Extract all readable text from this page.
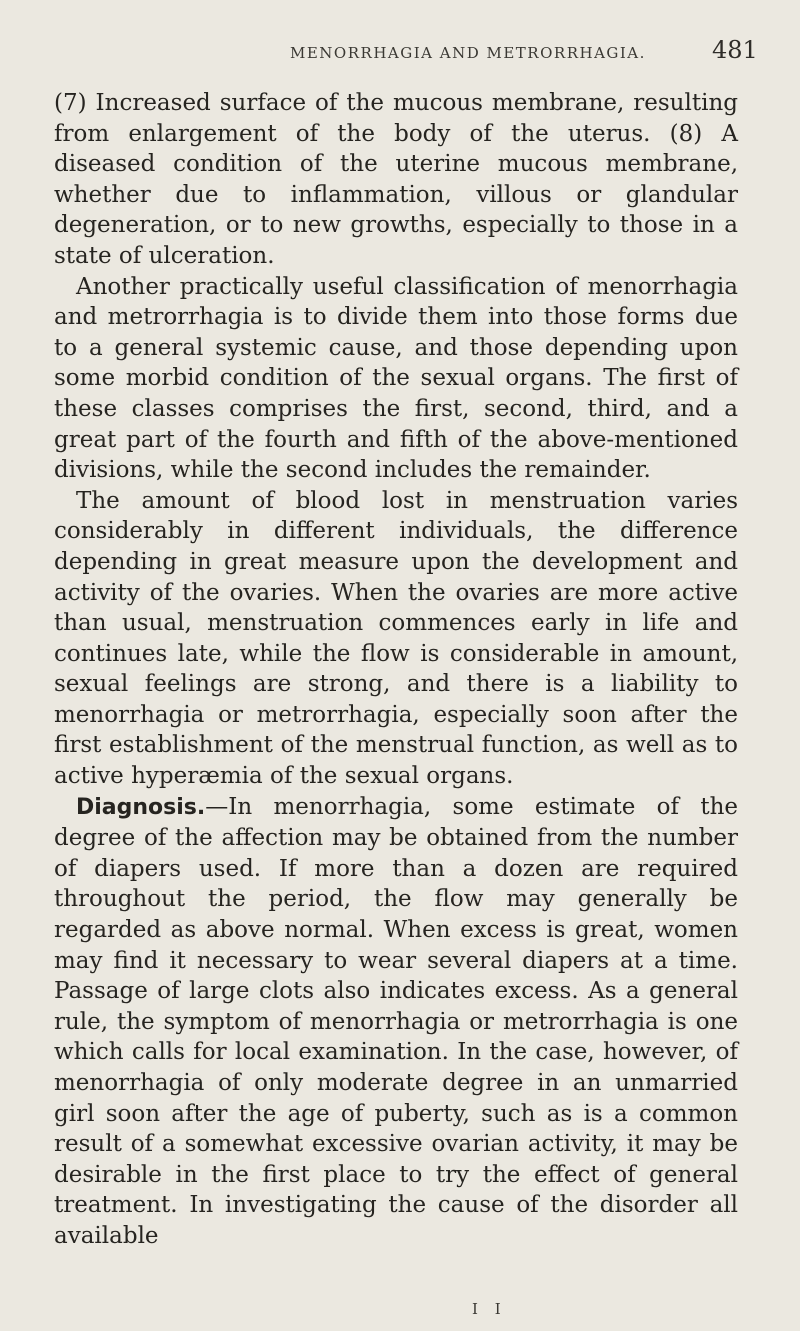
MENORRHAGIA AND METRORRHAGIA.	481

(7) Increased surface of the mucous membrane, resulting from enlargement of the body of the uterus. (8) A diseased condition of the uterine mucous membrane, whether due to inflammation, villous or glandular degeneration, or to new growths, especially to those in a state of ulceration.

Another practically useful classification of menorrhagia and metrorrhagia is to divide them into those forms due to a general systemic cause, and those depending upon some morbid condition of the sexual organs. The first of these classes comprises the first, second, third, and a great part of the fourth and fifth of the above-mentioned divisions, while the second includes the remainder.

The amount of blood lost in menstruation varies considerably in different individuals, the difference depending in great measure upon the development and activity of the ovaries. When the ovaries are more active than usual, menstruation commences early in life and continues late, while the flow is considerable in amount, sexual feelings are strong, and there is a liability to menorrhagia or metrorrhagia, especially soon after the first establishment of the menstrual function, as well as to active hyperæmia of the sexual organs.

Diagnosis.—In menorrhagia, some estimate of the degree of the affection may be obtained from the number of diapers used. If more than a dozen are required throughout the period, the flow may generally be regarded as above normal. When excess is great, women may find it necessary to wear several diapers at a time. Passage of large clots also indicates excess. As a general rule, the symptom of menorrhagia or metrorrhagia is one which calls for local examination. In the case, however, of menorrhagia of only moderate degree in an unmarried girl soon after the age of puberty, such as is a common result of a somewhat excessive ovarian activity, it may be desirable in the first place to try the effect of general treatment. In investigating the cause of the disorder all available

I I
